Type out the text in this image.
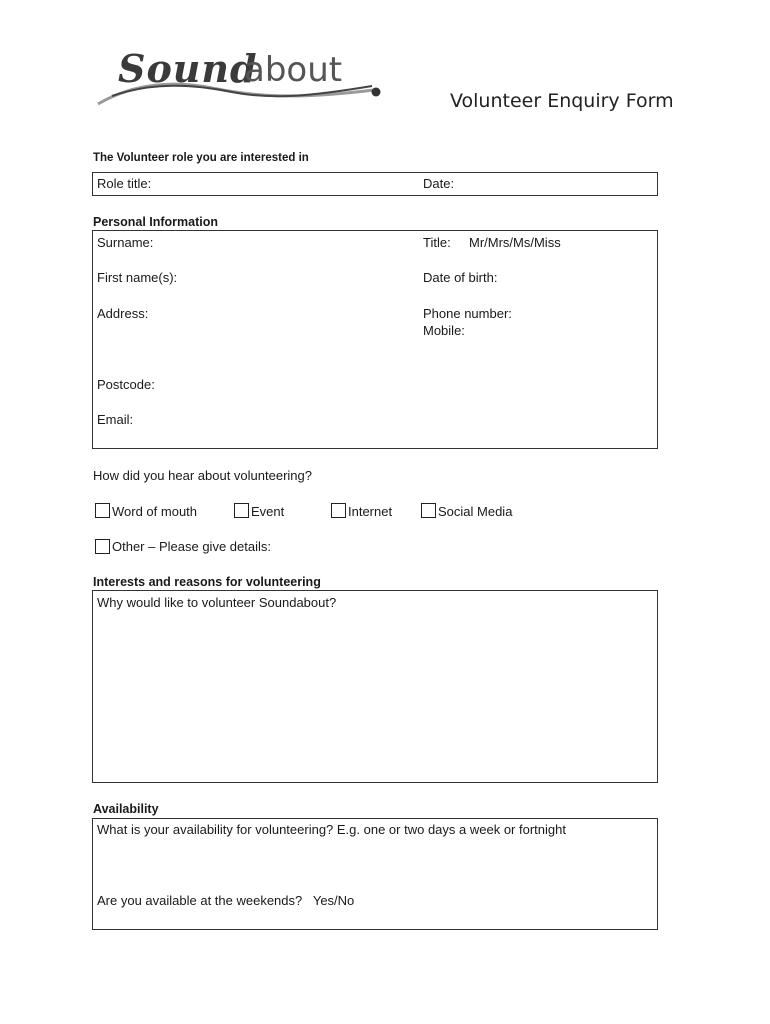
Sound
about
Volunteer Enquiry Form
The Volunteer role you are interested in
Role title:	Date:
Personal Information
Surname:	Title: Mr/Mrs/Ms/Miss
First name(s):	Date of birth:
Address:	Phone number:
Mobile:
Postcode:
Email:
How did you hear about volunteering?
Word of mouth	Event	Internet	Social Media
Other – Please give details:
Interests and reasons for volunteering
Why would like to volunteer Soundabout?
Availability
What is your availability for volunteering? E.g. one or two days a week or fortnight
Are you available at the weekends?   Yes/No
